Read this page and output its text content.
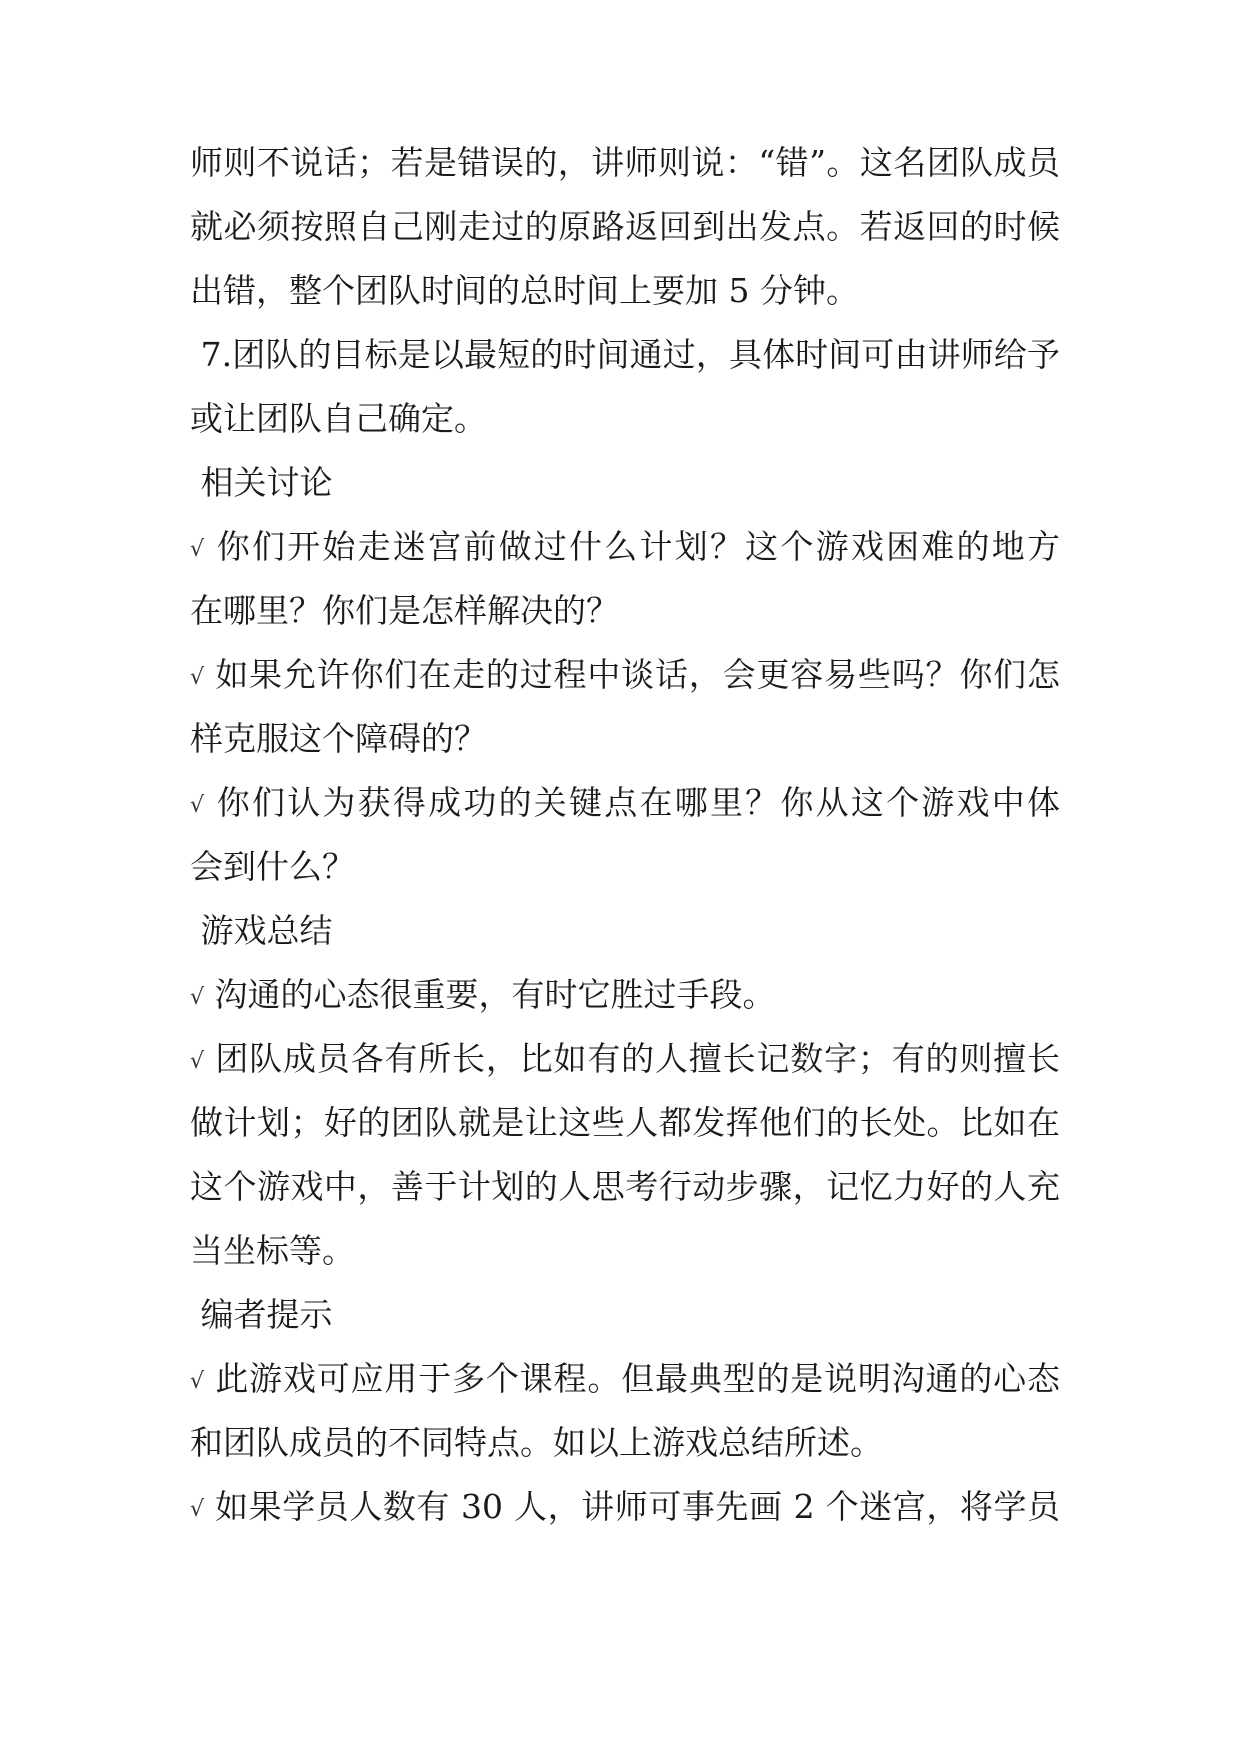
师则不说话；若是错误的，讲师则说：“错”。这名团队成员
就必须按照自己刚走过的原路返回到出发点。若返回的时候
出错，整个团队时间的总时间上要加 5 分钟。
7.团队的目标是以最短的时间通过，具体时间可由讲师给予
或让团队自己确定。
相关讨论
√ 你们开始走迷宫前做过什么计划？这个游戏困难的地方
在哪里？你们是怎样解决的？
√ 如果允许你们在走的过程中谈话，会更容易些吗？你们怎
样克服这个障碍的？
√ 你们认为获得成功的关键点在哪里？你从这个游戏中体
会到什么？
游戏总结
√ 沟通的心态很重要，有时它胜过手段。
√ 团队成员各有所长，比如有的人擅长记数字；有的则擅长
做计划；好的团队就是让这些人都发挥他们的长处。比如在
这个游戏中，善于计划的人思考行动步骤，记忆力好的人充
当坐标等。
编者提示
√ 此游戏可应用于多个课程。但最典型的是说明沟通的心态
和团队成员的不同特点。如以上游戏总结所述。
√ 如果学员人数有 30 人，讲师可事先画 2 个迷宫，将学员
